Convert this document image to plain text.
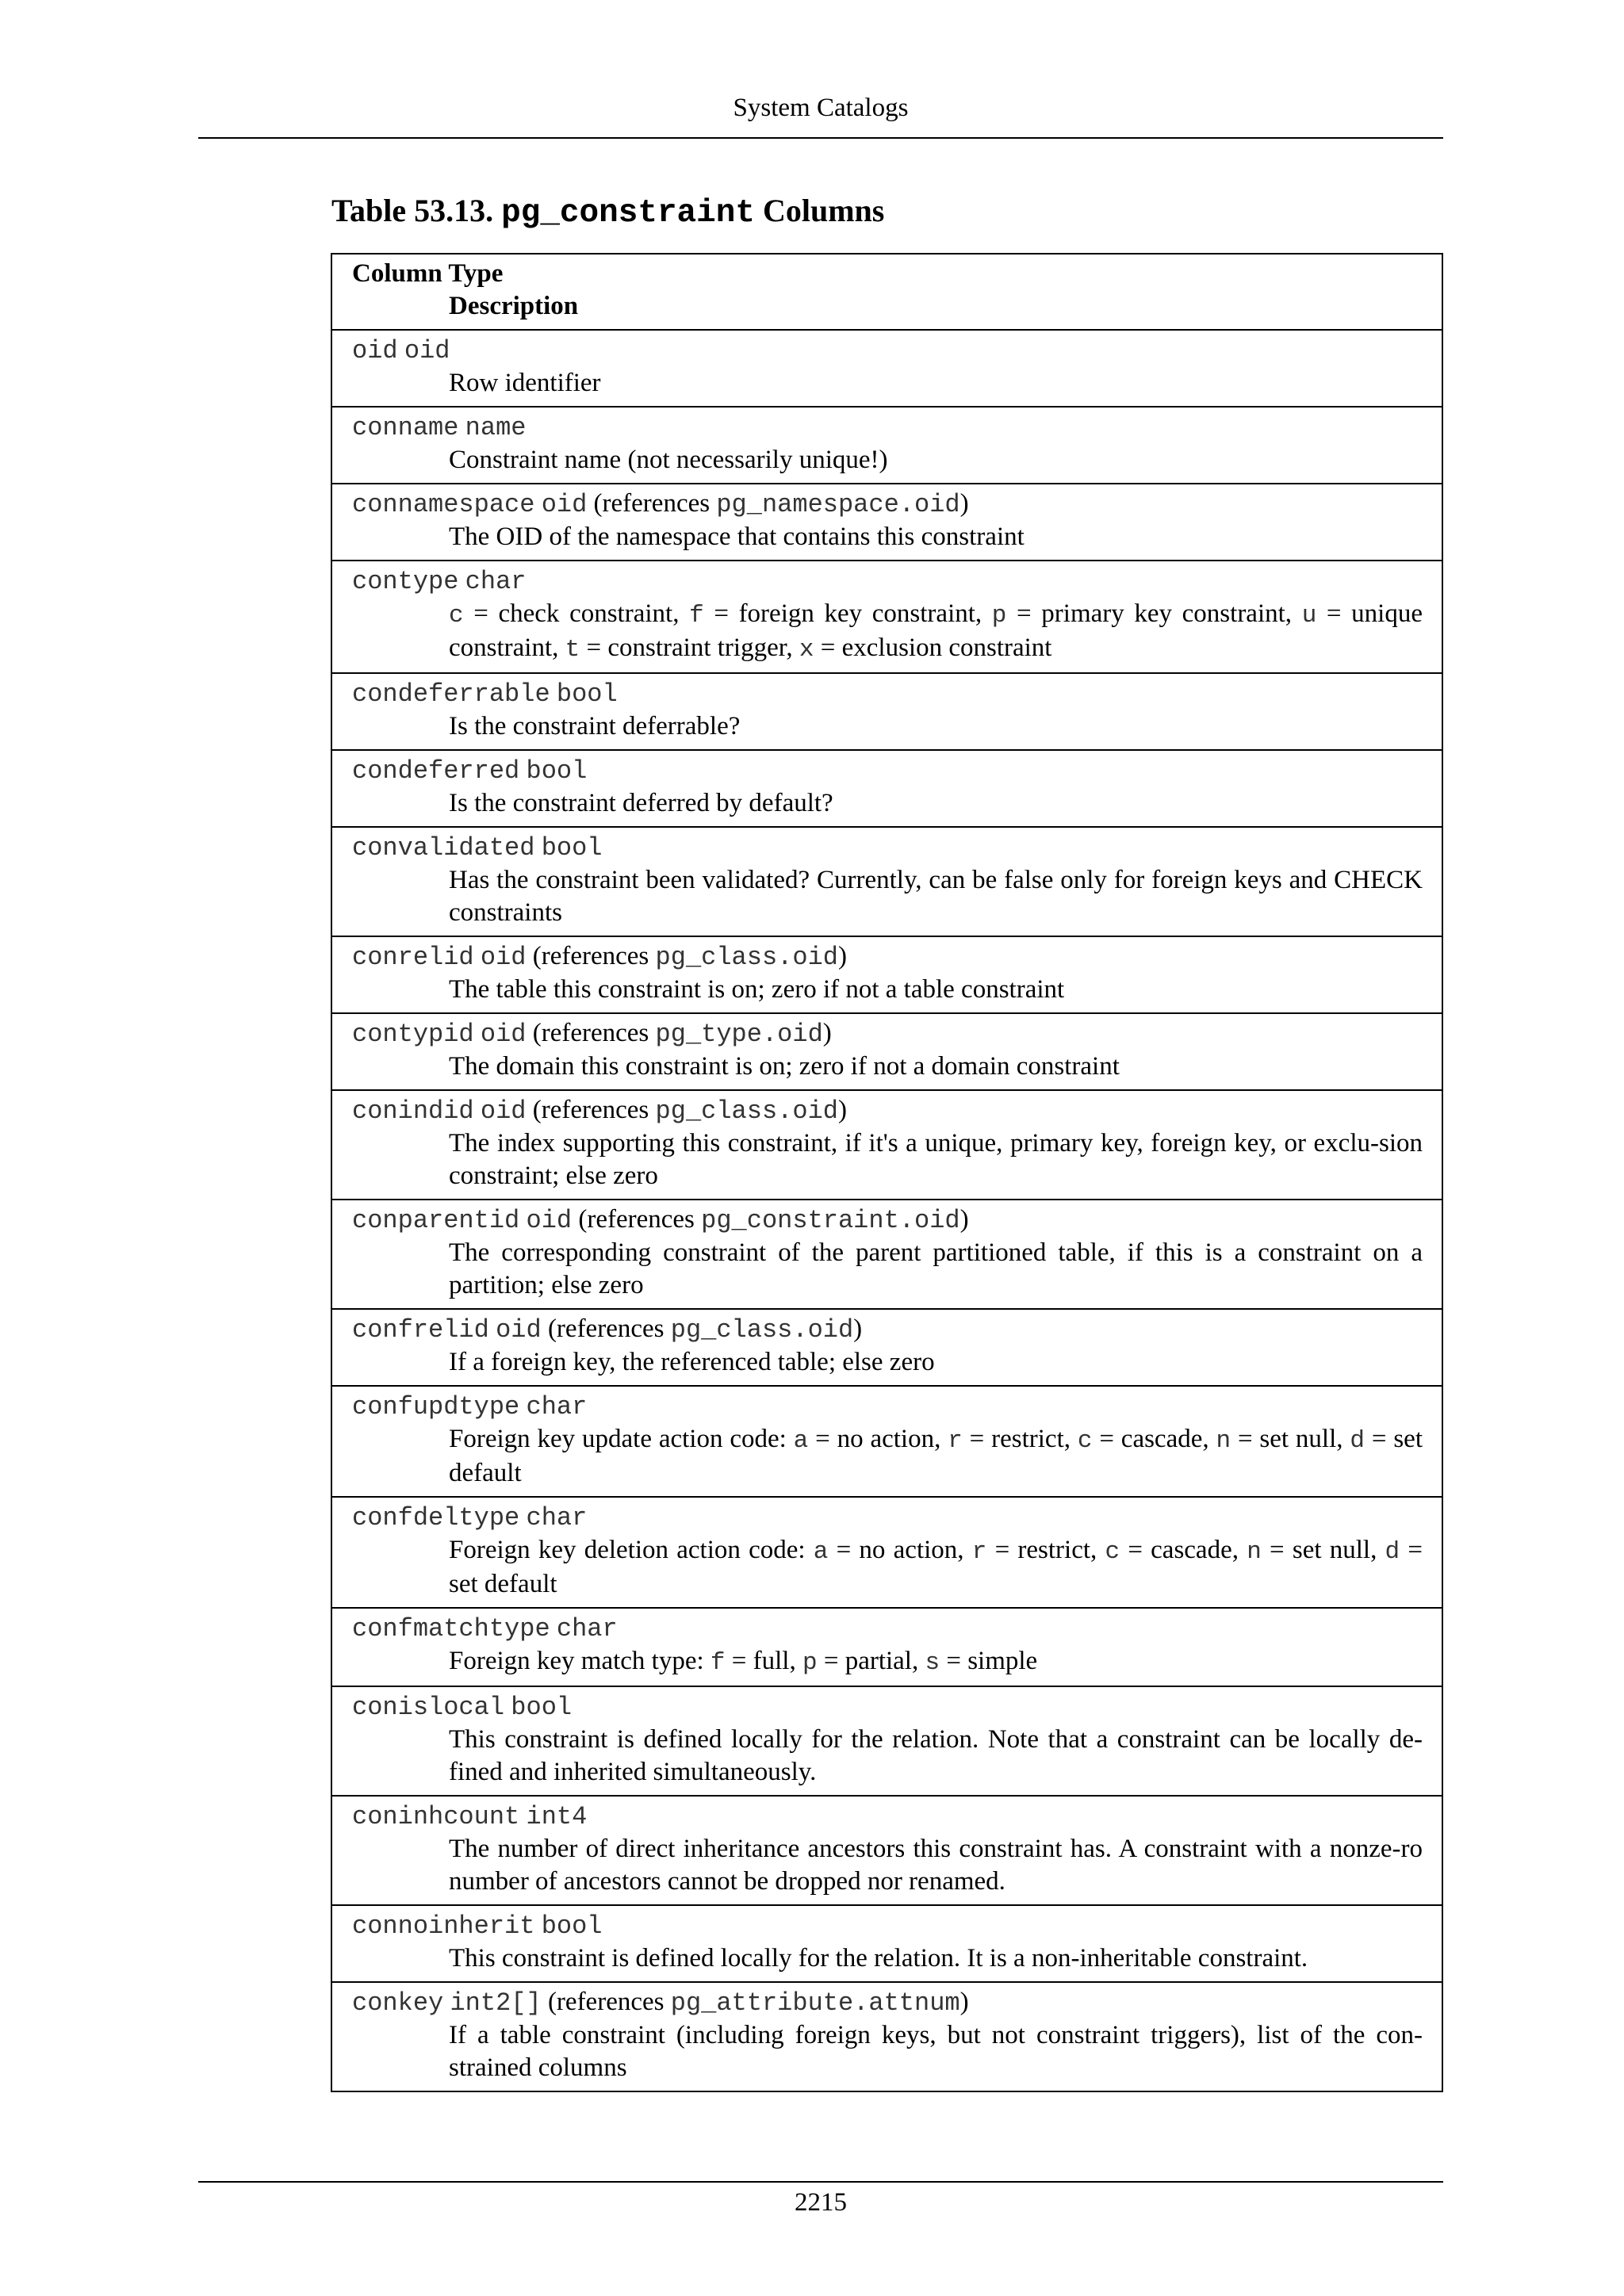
System Catalogs
Table 53.13. pg_constraint Columns
Column Type
Description
oid oid
Row identifier
conname name
Constraint name (not necessarily unique!)
connamespace oid (references pg_namespace.oid)
The OID of the namespace that contains this constraint
contype char
c = check constraint, f = foreign key constraint, p = primary key constraint, u = unique constraint, t = constraint trigger, x = exclusion constraint
condeferrable bool
Is the constraint deferrable?
condeferred bool
Is the constraint deferred by default?
convalidated bool
Has the constraint been validated? Currently, can be false only for foreign keys and CHECK constraints
conrelid oid (references pg_class.oid)
The table this constraint is on; zero if not a table constraint
contypid oid (references pg_type.oid)
The domain this constraint is on; zero if not a domain constraint
conindid oid (references pg_class.oid)
The index supporting this constraint, if it's a unique, primary key, foreign key, or exclu-sion constraint; else zero
conparentid oid (references pg_constraint.oid)
The corresponding constraint of the parent partitioned table, if this is a constraint on a partition; else zero
confrelid oid (references pg_class.oid)
If a foreign key, the referenced table; else zero
confupdtype char
Foreign key update action code: a = no action, r = restrict, c = cascade, n = set null, d = set default
confdeltype char
Foreign key deletion action code: a = no action, r = restrict, c = cascade, n = set null, d = set default
confmatchtype char
Foreign key match type: f = full, p = partial, s = simple
conislocal bool
This constraint is defined locally for the relation. Note that a constraint can be locally de-fined and inherited simultaneously.
coninhcount int4
The number of direct inheritance ancestors this constraint has. A constraint with a nonze-ro number of ancestors cannot be dropped nor renamed.
connoinherit bool
This constraint is defined locally for the relation. It is a non-inheritable constraint.
conkey int2[] (references pg_attribute.attnum)
If a table constraint (including foreign keys, but not constraint triggers), list of the con-strained columns
2215
